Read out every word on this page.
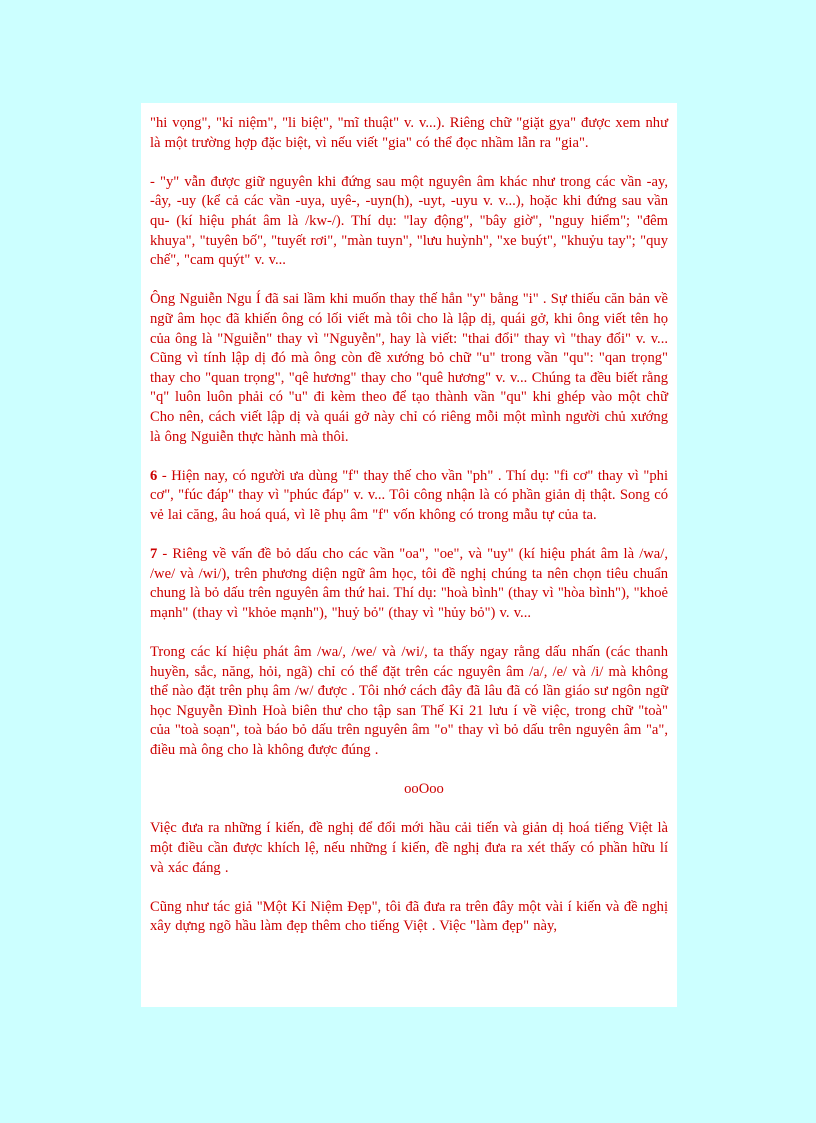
"hi vọng", "kỉ niệm", "li biệt", "mĩ thuật" v. v...). Riêng chữ "giặt gya" được xem như là một trường hợp đặc biệt, vì nếu viết "gia" có thể đọc nhầm lẫn ra "gia".

- "y" vẫn được giữ nguyên khi đứng sau một nguyên âm khác như trong các vần -ay, -ây, -uy (kể cả các vần -uya, uyê-, -uyn(h), -uyt, -uyu v. v...), hoặc khi đứng sau vần qu- (kí hiệu phát âm là /kw-/). Thí dụ: "lay động", "bây giờ", "nguy hiểm"; "đêm khuya", "tuyên bố", "tuyết rơi", "màn tuyn", "lưu huỳnh", "xe buýt", "khuỷu tay"; "quy chế", "cam quýt" v. v...

Ông Nguiễn Ngu Í đã sai lầm khi muốn thay thế hẳn "y" bằng "i" . Sự thiếu căn bản về ngữ âm học đã khiến ông có lối viết mà tôi cho là lập dị, quái gở, khi ông viết tên họ của ông là "Nguiễn" thay vì "Nguyễn", hay là viết: "thai đổi" thay vì "thay đổi" v. v... Cũng vì tính lập dị đó mà ông còn đề xướng bỏ chữ "u" trong vần "qu": "qan trọng" thay cho "quan trọng", "qê hương" thay cho "quê hương" v. v... Chúng ta đều biết rằng "q" luôn luôn phải có "u" đi kèm theo để tạo thành vần "qu" khi ghép vào một chữ Cho nên, cách viết lập dị và quái gở này chỉ có riêng mỗi một mình người chủ xướng là ông Nguiễn thực hành mà thôi.

6 - Hiện nay, có người ưa dùng "f" thay thế cho vần "ph" . Thí dụ: "fi cơ" thay vì "phi cơ", "fúc đáp" thay vì "phúc đáp" v. v... Tôi công nhận là có phần giản dị thật. Song có vẻ lai căng, âu hoá quá, vì lẽ phụ âm "f" vốn không có trong mẫu tự của ta.

7 - Riêng về vấn đề bỏ dấu cho các vần "oa", "oe", và "uy" (kí hiệu phát âm là /wa/, /we/ và /wi/), trên phương diện ngữ âm học, tôi đề nghị chúng ta nên chọn tiêu chuẩn chung là bỏ dấu trên nguyên âm thứ hai. Thí dụ: "hoà bình" (thay vì "hòa bình"), "khoẻ mạnh" (thay vì "khỏe mạnh"), "huỷ bỏ" (thay vì "hủy bỏ") v. v...

Trong các kí hiệu phát âm /wa/, /we/ và /wi/, ta thấy ngay rằng dấu nhấn (các thanh huyền, sắc, năng, hỏi, ngã) chỉ có thể đặt trên các nguyên âm /a/, /e/ và /i/ mà không thể nào đặt trên phụ âm /w/ được . Tôi nhớ cách đây đã lâu đã có lần giáo sư ngôn ngữ học Nguyễn Đình Hoà biên thư cho tập san Thế Kỉ 21 lưu í về việc, trong chữ "toà" của "toà soạn", toà báo bỏ dấu trên nguyên âm "o" thay vì bỏ dấu trên nguyên âm "a", điều mà ông cho là không được đúng .

ooOoo

Việc đưa ra những í kiến, đề nghị để đổi mới hầu cải tiến và giản dị hoá tiếng Việt là một điều cần được khích lệ, nếu những í kiến, đề nghị đưa ra xét thấy có phần hữu lí và xác đáng .

Cũng như tác giả "Một Kỉ Niệm Đẹp", tôi đã đưa ra trên đây một vài í kiến và đề nghị xây dựng ngõ hầu làm đẹp thêm cho tiếng Việt . Việc "làm đẹp" này,
